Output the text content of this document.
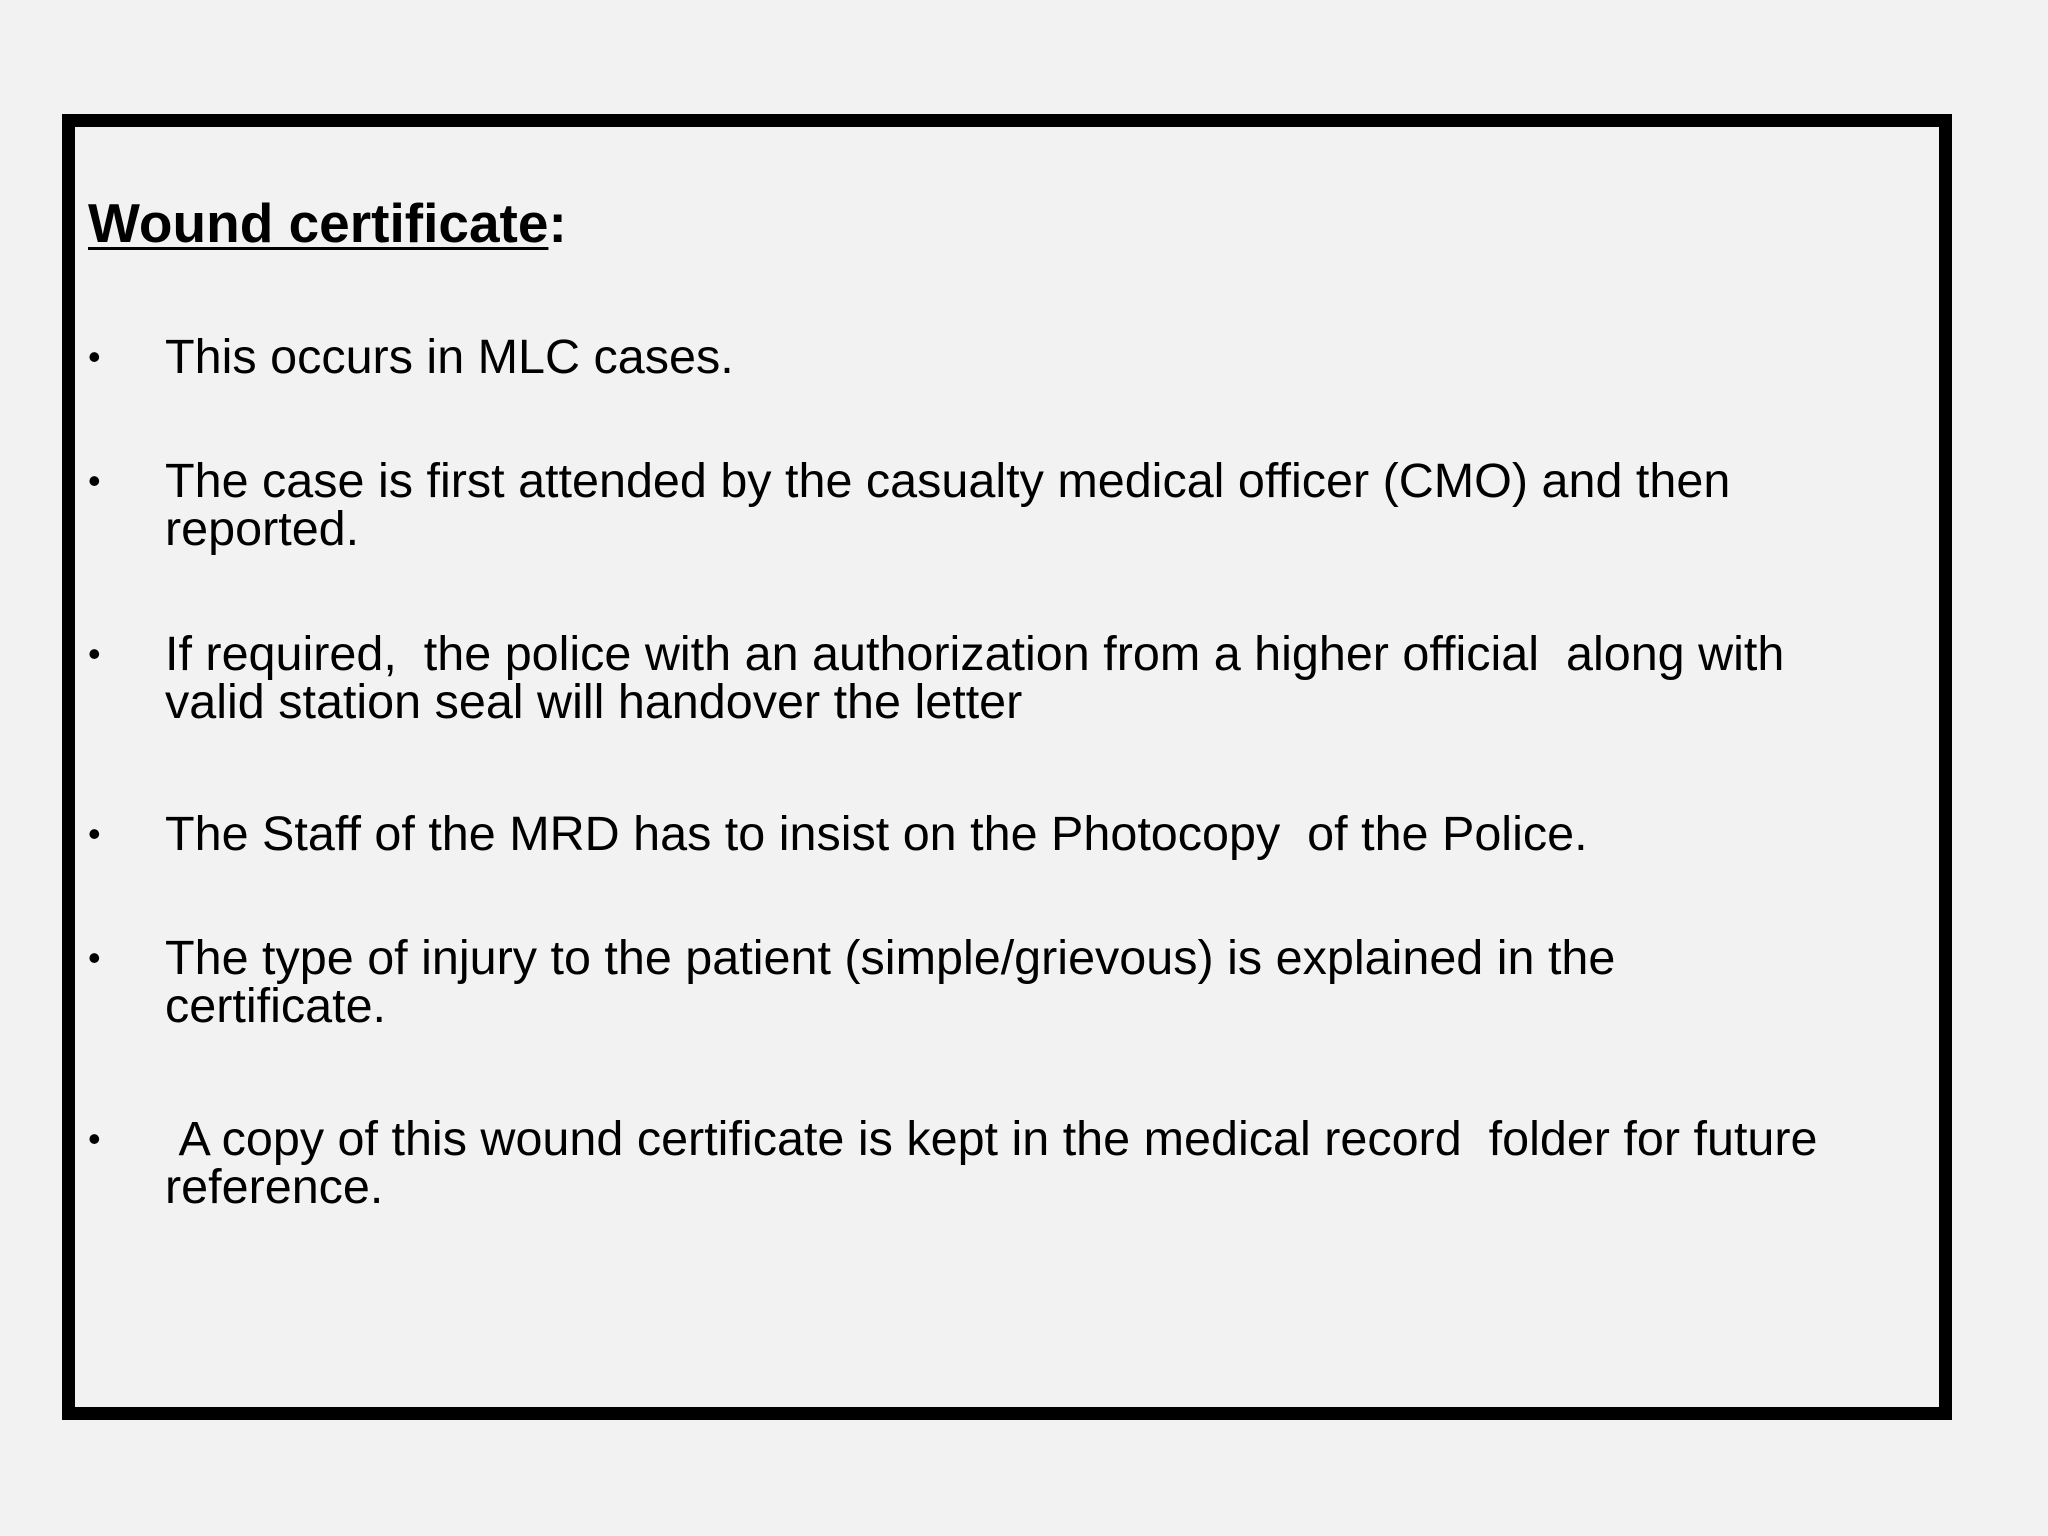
Wound certificate:
• This occurs in MLC cases.
• The case is first attended by the casualty medical officer (CMO) and then
reported.
• If required,  the police with an authorization from a higher official  along with
valid station seal will handover the letter
• The Staff of the MRD has to insist on the Photocopy  of the Police.
• The type of injury to the patient (simple/grievous) is explained in the
certificate.
• A copy of this wound certificate is kept in the medical record  folder for future
reference.
